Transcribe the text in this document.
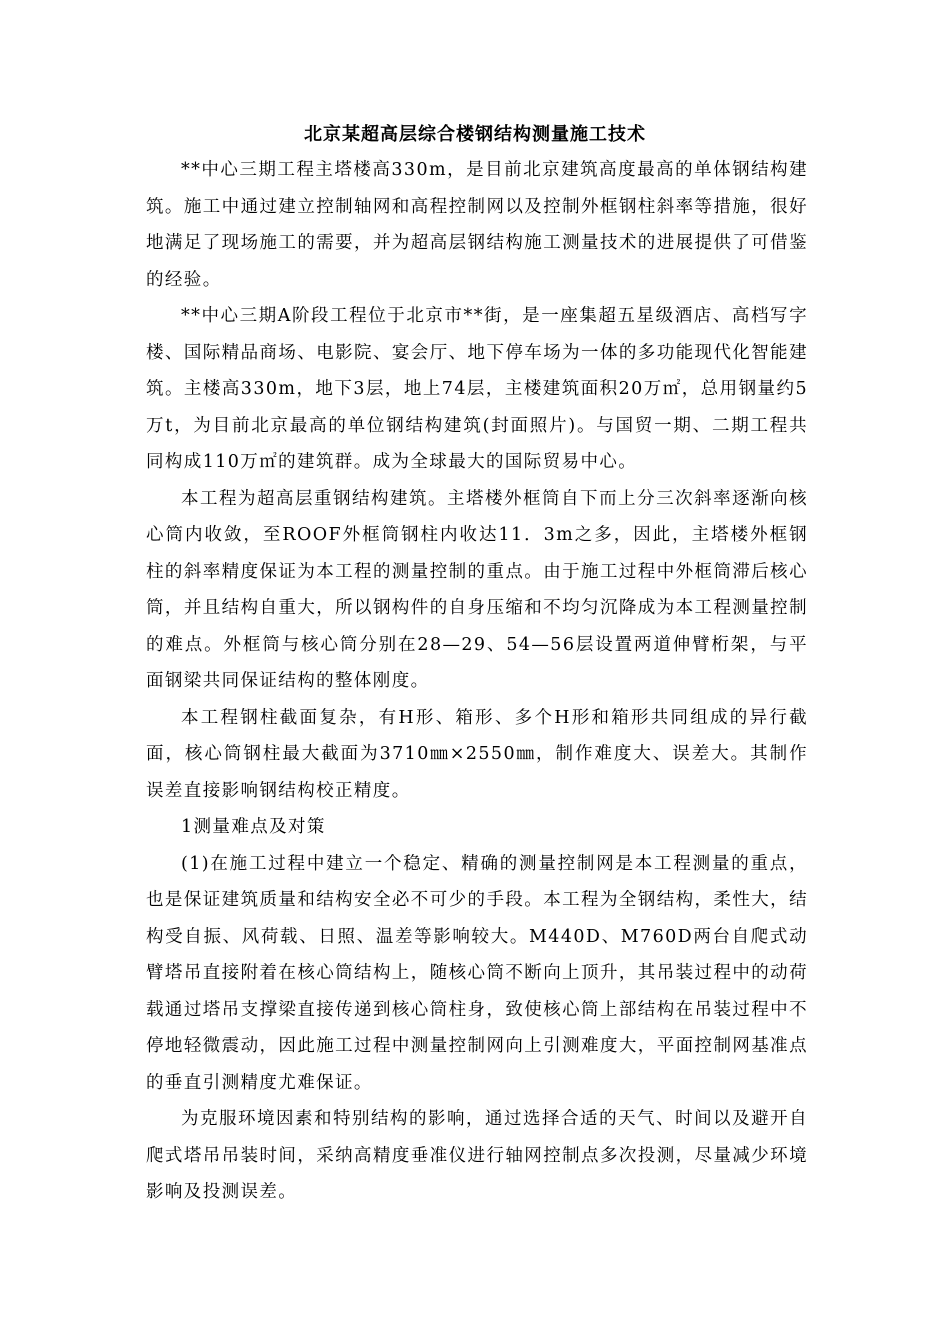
北京某超高层综合楼钢结构测量施工技术

**中心三期工程主塔楼高330m，是目前北京建筑高度最高的单体钢结构建筑。施工中通过建立控制轴网和高程控制网以及控制外框钢柱斜率等措施，很好地满足了现场施工的需要，并为超高层钢结构施工测量技术的进展提供了可借鉴的经验。

**中心三期A阶段工程位于北京市**街，是一座集超五星级酒店、高档写字楼、国际精品商场、电影院、宴会厅、地下停车场为一体的多功能现代化智能建筑。主楼高330m，地下3层，地上74层，主楼建筑面积20万㎡，总用钢量约5万t，为目前北京最高的单位钢结构建筑(封面照片)。与国贸一期、二期工程共同构成110万㎡的建筑群。成为全球最大的国际贸易中心。

本工程为超高层重钢结构建筑。主塔楼外框筒自下而上分三次斜率逐渐向核心筒内收敛，至ROOF外框筒钢柱内收达11．3m之多，因此，主塔楼外框钢柱的斜率精度保证为本工程的测量控制的重点。由于施工过程中外框筒滞后核心筒，并且结构自重大，所以钢构件的自身压缩和不均匀沉降成为本工程测量控制的难点。外框筒与核心筒分别在28—29、54—56层设置两道伸臂桁架，与平面钢梁共同保证结构的整体刚度。

本工程钢柱截面复杂，有H形、箱形、多个H形和箱形共同组成的异行截面，核心筒钢柱最大截面为3710㎜×2550㎜，制作难度大、误差大。其制作误差直接影响钢结构校正精度。

1测量难点及对策

(1)在施工过程中建立一个稳定、精确的测量控制网是本工程测量的重点，也是保证建筑质量和结构安全必不可少的手段。本工程为全钢结构，柔性大，结构受自振、风荷载、日照、温差等影响较大。M440D、M760D两台自爬式动臂塔吊直接附着在核心筒结构上，随核心筒不断向上顶升，其吊装过程中的动荷载通过塔吊支撑梁直接传递到核心筒柱身，致使核心筒上部结构在吊装过程中不停地轻微震动，因此施工过程中测量控制网向上引测难度大，平面控制网基准点的垂直引测精度尤难保证。

为克服环境因素和特别结构的影响，通过选择合适的天气、时间以及避开自爬式塔吊吊装时间，采纳高精度垂准仪进行轴网控制点多次投测，尽量减少环境影响及投测误差。
